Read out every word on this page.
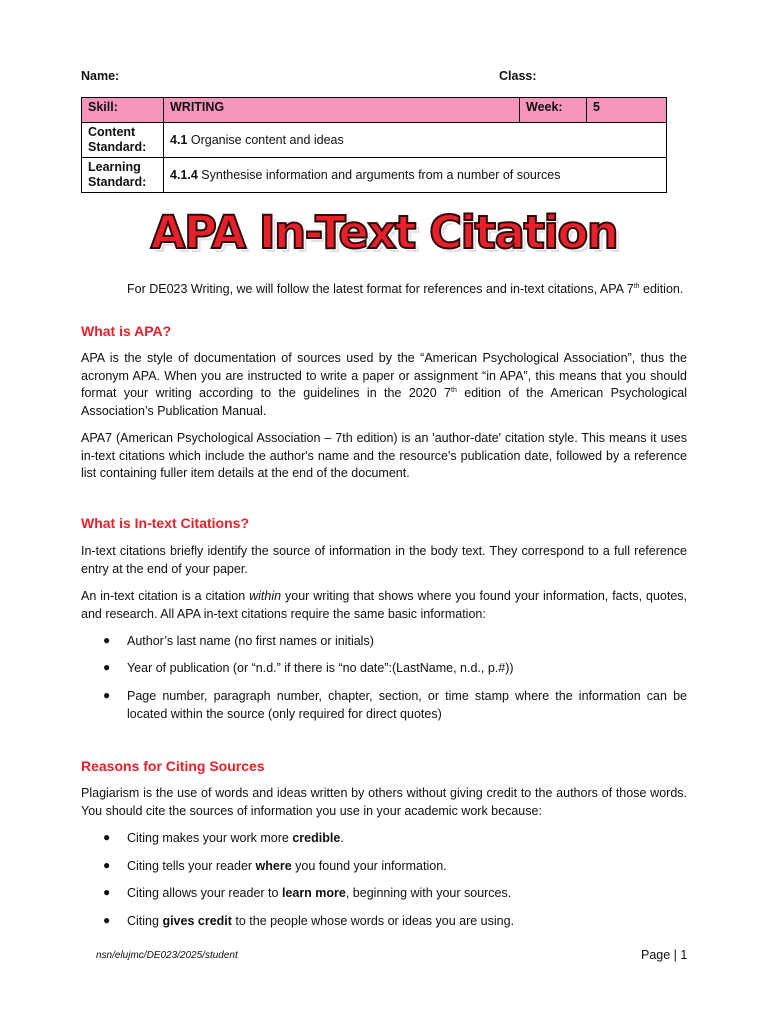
Name:	Class:
Skill:	WRITING	Week:	5
Content Standard:	4.1 Organise content and ideas		
Learning Standard:	4.1.4 Synthesise information and arguments from a number of sources		
APA In-Text Citation
For DE023 Writing, we will follow the latest format for references and in-text citations, APA 7th edition.
What is APA?
APA is the style of documentation of sources used by the “American Psychological Association”, thus the acronym APA. When you are instructed to write a paper or assignment “in APA”, this means that you should format your writing according to the guidelines in the 2020 7th edition of the American Psychological Association’s Publication Manual.
APA7 (American Psychological Association – 7th edition) is an 'author-date' citation style. This means it uses in-text citations which include the author's name and the resource's publication date, followed by a reference list containing fuller item details at the end of the document.
What is In-text Citations?
In-text citations briefly identify the source of information in the body text. They correspond to a full reference entry at the end of your paper.
An in-text citation is a citation within your writing that shows where you found your information, facts, quotes, and research. All APA in-text citations require the same basic information:
● Author’s last name (no first names or initials)
● Year of publication (or “n.d.” if there is “no date”:(LastName, n.d., p.#))
● Page number, paragraph number, chapter, section, or time stamp where the information can be located within the source (only required for direct quotes)
Reasons for Citing Sources
Plagiarism is the use of words and ideas written by others without giving credit to the authors of those words. You should cite the sources of information you use in your academic work because:
● Citing makes your work more credible.
● Citing tells your reader where you found your information.
● Citing allows your reader to learn more, beginning with your sources.
● Citing gives credit to the people whose words or ideas you are using.
nsn/elujmc/DE023/2025/student	Page | 1
